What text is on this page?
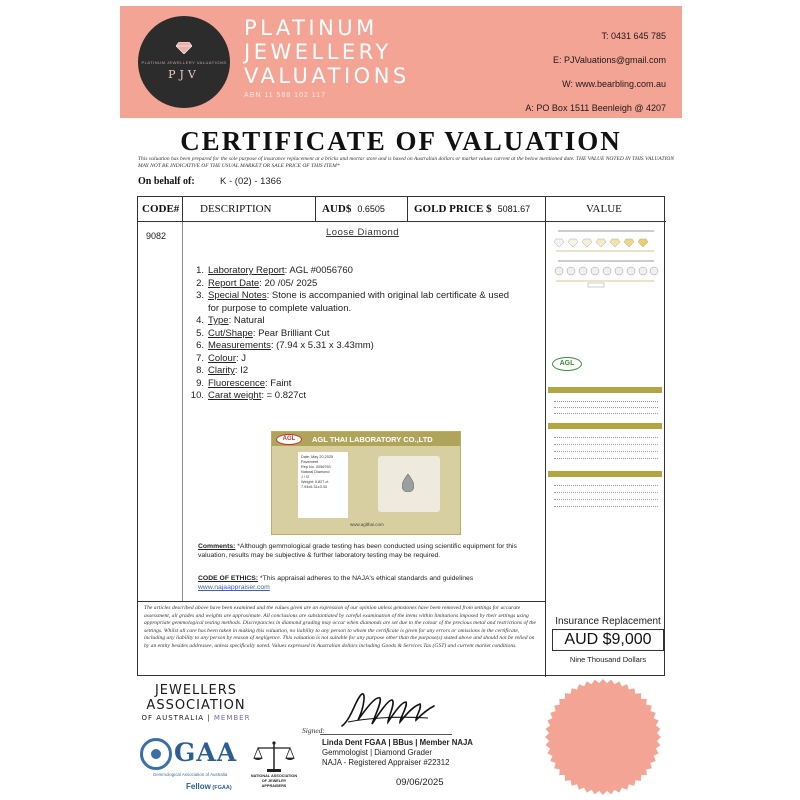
PLATINUM JEWELLERY VALUATIONS
PJV
PLATINUM
JEWELLERY
VALUATIONS
ABN 11 588 102 117
T: 0431 645 785
E: PJValuations@gmail.com
W: www.bearbling.com.au
A: PO Box 1511 Beenleigh @ 4207
CERTIFICATE OF VALUATION
This valuation has been prepared for the sole purpose of insurance replacement at a bricks and mortar store and is based on Australian dollars or market values current at the below mentioned date. THE VALUE NOTED IN THIS VALUATION MAY NOT BE INDICATIVE OF THE USUAL MARKET OR SALE PRICE OF THIS ITEM*
On behalf of:	K - (02) - 1366
CODE# DESCRIPTION	AUD$ 0.6505	GOLD PRICE $ 5081.67	VALUE
9082	Loose Diamond
1. Laboratory Report : AGL #0056760
2. Report Date : 20 /05/ 2025
3. Special Notes : Stone is accompanied with original lab certificate & used
for purpose to complete valuation.
4. Type : Natural
5. Cut/Shape : Pear Brilliant Cut
6. Measurements : (7.94 x 5.31 x 3.43mm)
7. Colour : J
8. Clarity : I2
9. Fluorescence : Faint
10. Carat weight : = 0.827ct
AGL	AGL THAI LABORATORY CO.,LTD
Date: May 20,2025
Pavement
Rep No. 0056760
Natural Diamond
J / I2
Weight: 0.827 ct
7.94x5.31x3.43
www.aglthai.com
Comments: *Although gemmological grade testing has been conducted using scientific equipment for this valuation, results may be subjective & further laboratory testing may be required.
CODE OF ETHICS: *This appraisal adheres to the NAJA's ethical standards and guidelines
www.najaappraiser.com
AGL
The articles described above have been examined and the values given are an expression of our opinion unless gemstones have been removed from settings for accurate assessment, all grades and weights are approximate. All conclusions are substantiated by careful examination of the items within limitations imposed by their settings using appropriate gemmological testing methods. Discrepancies in diamond grading may occur when diamonds are set due to the colour of the precious metal and restrictions of the settings. Whilst all care has been taken in making this valuation, no liability to any person to whom the certificate is given for any errors or omissions in the certificate, including any liability to any person by reason of negligence. This valuation is not suitable for any purpose other than the purpose(s) stated above and should not be relied on by an entity besides addressee, unless specifically noted. Values expressed in Australian dollars including Goods & Services Tax (GST) and current market conditions.
Insurance Replacement
AUD $9,000
Nine Thousand Dollars
JEWELLERS
ASSOCIATION
OF AUSTRALIA | MEMBER
GAA
Gemmological Association of Australia
Fellow (FGAA)
NATIONAL ASSOCIATION OF JEWELRY APPRAISERS
Signed:
Linda Dent FGAA | BBus | Member NAJA
Gemmologist | Diamond Grader
NAJA - Registered Appraiser #22312
09/06/2025
